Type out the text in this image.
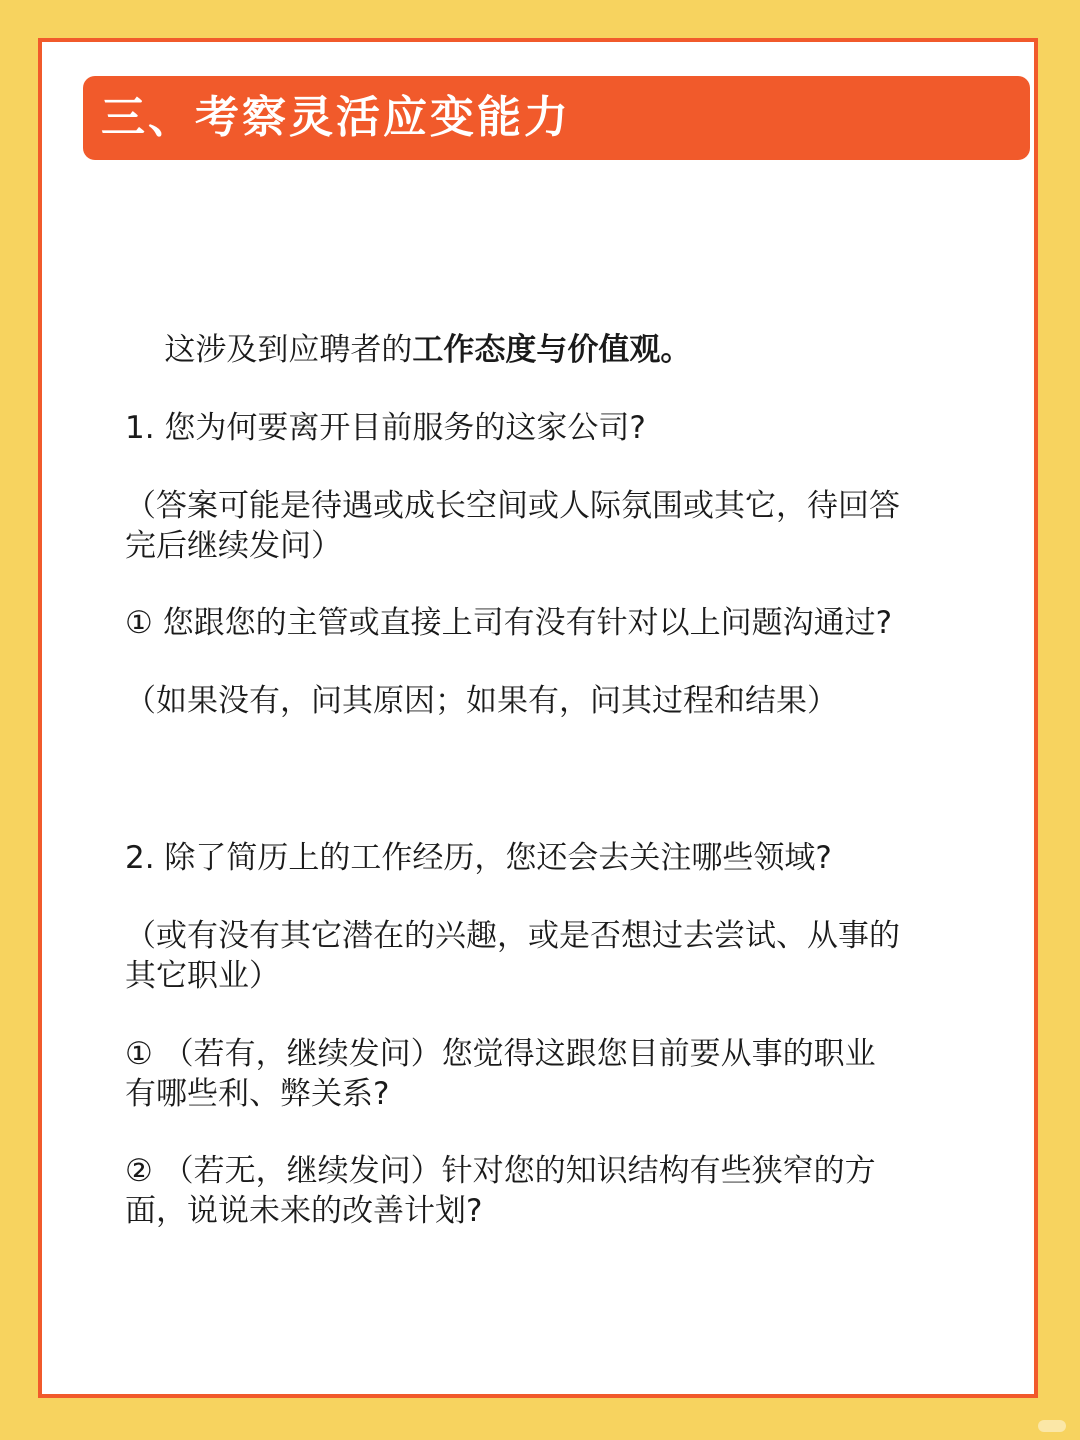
三、考察灵活应变能力

这涉及到应聘者的工作态度与价值观。

1. 您为何要离开目前服务的这家公司?
（答案可能是待遇或成长空间或人际氛围或其它，待回答
完后继续发问）
① 您跟您的主管或直接上司有没有针对以上问题沟通过?
（如果没有，问其原因；如果有，问其过程和结果）
2. 除了简历上的工作经历，您还会去关注哪些领域?
（或有没有其它潜在的兴趣，或是否想过去尝试、从事的
其它职业）
① （若有，继续发问）您觉得这跟您目前要从事的职业
有哪些利、弊关系?
② （若无，继续发问）针对您的知识结构有些狭窄的方
面，说说未来的改善计划?
